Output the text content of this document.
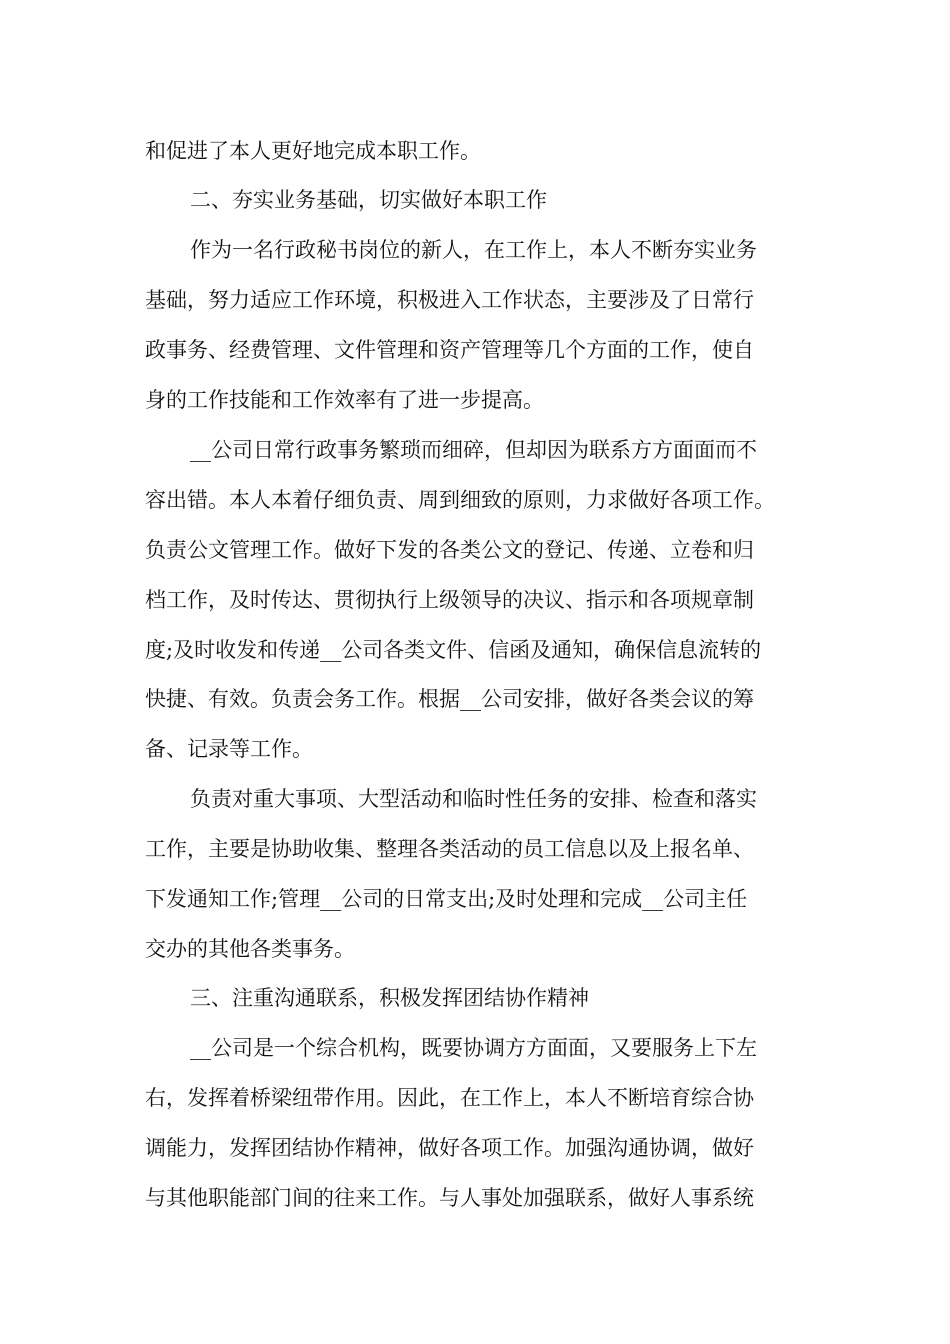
和促进了本人更好地完成本职工作。
二、夯实业务基础，切实做好本职工作
作为一名行政秘书岗位的新人，在工作上，本人不断夯实业务
基础，努力适应工作环境，积极进入工作状态，主要涉及了日常行
政事务、经费管理、文件管理和资产管理等几个方面的工作，使自
身的工作技能和工作效率有了进一步提高。
__公司日常行政事务繁琐而细碎，但却因为联系方方面面而不
容出错。本人本着仔细负责、周到细致的原则，力求做好各项工作。
负责公文管理工作。做好下发的各类公文的登记、传递、立卷和归
档工作，及时传达、贯彻执行上级领导的决议、指示和各项规章制
度;及时收发和传递__公司各类文件、信函及通知，确保信息流转的
快捷、有效。负责会务工作。根据__公司安排，做好各类会议的筹
备、记录等工作。
负责对重大事项、大型活动和临时性任务的安排、检查和落实
工作，主要是协助收集、整理各类活动的员工信息以及上报名单、
下发通知工作;管理__公司的日常支出;及时处理和完成__公司主任
交办的其他各类事务。
三、注重沟通联系，积极发挥团结协作精神
__公司是一个综合机构，既要协调方方面面，又要服务上下左
右，发挥着桥梁纽带作用。因此，在工作上，本人不断培育综合协
调能力，发挥团结协作精神，做好各项工作。加强沟通协调，做好
与其他职能部门间的往来工作。与人事处加强联系，做好人事系统
